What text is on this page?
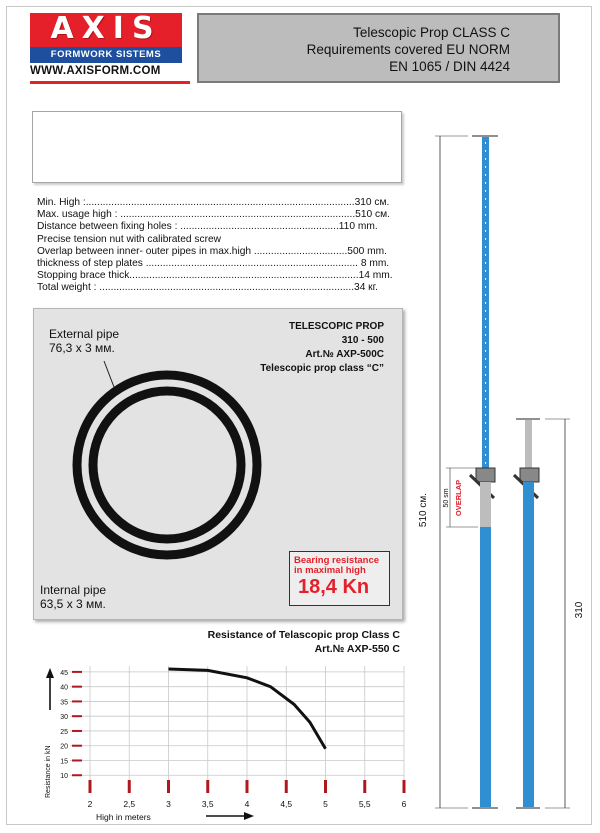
AXIS
FORMWORK SISTEMS
WWW.AXISFORM.COM
Telescopic Prop CLASS C
Requirements covered EU NORM
EN 1065 / DIN 4424
Min. High :...............................................................................................310 см.
Max. usage high : ...................................................................................510 см.
Distance between fixing holes : ........................................................110 mm.
Precise tension nut with calibrated screw
Overlap between inner- outer pipes in max.high .................................500 mm.
thickness of step plates ........................................................................... 8 mm.
Stopping brace thick.................................................................................14 mm.
Total weight : ..........................................................................................34 кг.
External pipe
76,3 x 3 мм.
Internal pipe
63,5 x 3 мм.
TELESCOPIC PROP
310 - 500
Art.№ AXP-500C
Telescopic prop class “C”
Bearing resistance in maximal high
18,4 Kn
Resistance of Telascopic prop Class C
Art.№ AXP-550 C
10
15
20
25
30
35
40
45
2	2,5	3	3,5	4	4,5	5	5,5	6
Resistance in kN
High in meters
510 см.
310
50 sm OVERLAP
